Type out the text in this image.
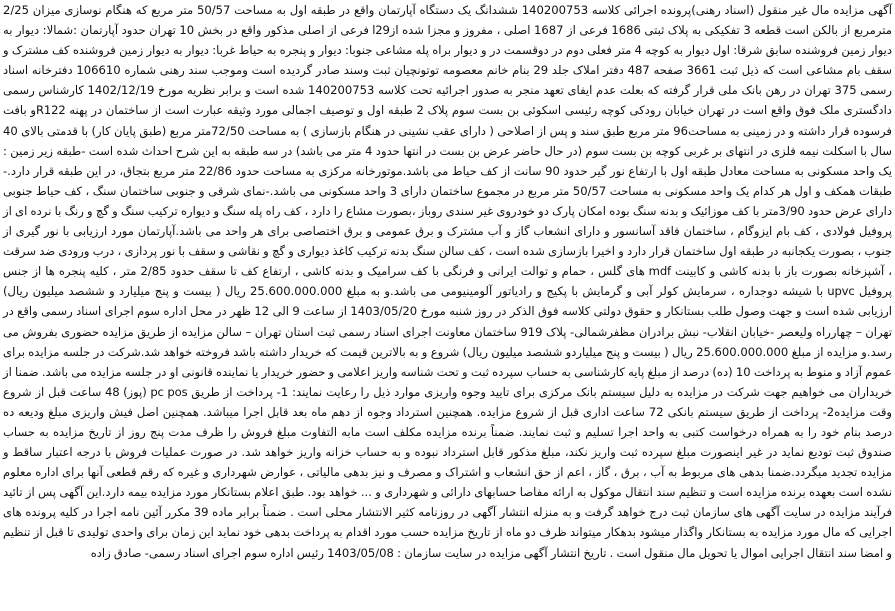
آگهی مزایده مال غیر منقول (اسناد رهنی)پرونده اجرائی کلاسه 140200753 ششدانگ یک دستگاه آپارتمان واقع در طبقه اول به مساحت 50/57 متر مربع که هنگام نوسازی میزان 2/25 مترمربع از بالکن است قطعه 3 تفکیکی به پلاک ثبتی 1686 فرعی از 1687 اصلی ، مفروز و مجزا شده ازl29 فرعی از اصلی مذکور واقع در بخش 10 تهران حدود آپارتمان :شمالا: دیوار به دیوار زمین فروشنده سابق شرقا: اول دیوار به کوچه 4 متر فعلی دوم در دوقسمت در و دیوار براه پله مشاعی جنوبا: دیوار و پنجره به حیاط غربا: دیوار به دیوار زمین فروشنده کف مشترک و سقف بام مشاعی است که ذیل ثبت 3661 صفحه 487 دفتر املاک جلد 29 بنام خانم معصومه توتونچیان ثبت وسند صادر گردیده است وموجب سند رهنی شماره 106610 دفترخانه اسناد رسمی 375 تهران در رهن بانک ملی قرار گرفته که بعلت عدم ایفای تعهد منجر به صدور اجرائیه تحت کلاسه 140200753 شده است و برابر نظریه مورخ 1402/12/19 کارشناس رسمی دادگستری ملک فوق واقع است در تهران خیابان رودکی کوچه رئیسی اسکوئی بن بست سوم پلاک 2 طبقه اول و توصیف اجمالی مورد وثیقه عبارت است از ساختمان در پهنه R122و بافت فرسوده قرار داشته و در زمینی به مساحت96 متر مربع طبق سند و پس از اصلاحی ( دارای عقب نشینی در هنگام بازسازی ) به مساحت 72/50متر مربع (طبق پایان کار) با قدمتی بالای 40 سال با اسکلت نیمه فلزی در انتهای بر غربی کوچه بن بست سوم (در حال حاضر عرض بن بست در انتها حدود 4 متر می باشد) در سه طبقه به این شرح احداث شده است -طبقه زیر زمین : یک واحد مسکونی به مساحت معادل طبقه اول با ارتفاع نور گیر حدود 90 سانت از کف حیاط می باشد.موتورخانه مرکزی به مساحت حدود 22/86 متر مربع بتجاق، در این طبقه قرار دارد.-طبقات همکف و اول هر کدام یک واحد مسکونی به مساحت 50/57 متر مربع در مجموع ساختمان دارای 3 واحد مسکونی می باشد.-نمای شرقی و جنوبی ساختمان سنگ ، کف حیاط جنوبی دارای عرض حدود 3/90متر با کف موزائیک و بدنه سنگ بوده امکان پارک دو خودروی غیر سندی روباز ،بصورت مشاع را دارد ، کف راه پله سنگ و دیواره ترکیب سنگ و گچ و رنگ با نرده ای از پروفیل فولادی ، کف بام ایزوگام ، ساختمان فاقد آسانسور و دارای انشعاب گاز و آب مشترک و برق عمومی و برق اختصاصی برای هر واحد می باشد.آپارتمان مورد ارزیابی با نور گیری از جنوب ، بصورت یکجانبه در طبقه اول ساختمان قرار دارد و اخیرا بازسازی شده است ، کف سالن سنگ بدنه ترکیب کاغذ دیواری و گچ و نقاشی و سقف با نور پردازی ، درب ورودی ضد سرقت ، آشپزخانه بصورت باز با بدنه کاشی و کابینت mdf های گلس ، حمام و توالت ایرانی و فرنگی با کف سرامیک و بدنه کاشی ، ارتفاع کف تا سقف حدود 2/85 متر ، کلیه پنجره ها از جنس پروفیل upvc با شیشه دوجداره ، سرمایش کولر آبی و گرمایش با پکیج و رادیاتور آلومینیومی می باشد.و به مبلغ 25.600.000.000 ریال ( بیست و پنج میلیارد و ششصد میلیون ریال) ارزیابی شده است و جهت وصول طلب بستانکار و حقوق دولتی کلاسه فوق الذکر در روز شنبه مورخ 1403/05/20 از ساعت 9 الی 12 ظهر در محل اداره سوم اجرای اسناد رسمی واقع در تهران – چهارراه ولیعصر -خیابان انقلاب- نبش برادران مظفرشمالی- پلاک 919 ساختمان معاونت اجرای اسناد رسمی ثبت استان تهران – سالن مزایده از طریق مزایده حضوری بفروش می رسد.و مزایده از مبلغ 25.600.000.000 ریال ( بیست و پنج میلیاردو ششصد میلیون ریال) شروع و به بالاترین قیمت که خریدار داشته باشد فروخته خواهد شد.شرکت در جلسه مزایده برای عموم آزاد و منوط به پرداخت 10 (ده) درصد از مبلغ پایه کارشناسی به حساب سپرده ثبت و تحت شناسه واریز اعلامی و حضور خریدار یا نماینده قانونی او در جلسه مزایده می باشد. ضمنا از خریداران می خواهیم جهت شرکت در مزایده به دلیل سیستم بانک مرکزی برای تایید وجوه واریزی موارد ذیل را رعایت نمایند: 1- پرداخت از طریق pc pos (پوز) 48 ساعت قبل از شروع وقت مزایده2- پرداخت از طریق سیستم بانکی 72 ساعت اداری قبل از شروع مزایده. همچنین استرداد وجوه از دهم ماه بعد قابل اجرا میباشد. همچنین اصل فیش واریزی مبلغ ودیعه ده درصد بنام خود را به همراه درخواست کتبی به واحد اجرا تسلیم و ثبت نمایند. ضمناً برنده مزایده مکلف است مابه التفاوت مبلغ فروش را ظرف مدت پنج روز از تاریخ مزایده به حساب صندوق ثبت تودیع نماید در غیر اینصورت مبلغ سپرده ثبت واریز نکند، مبلغ مذکور قابل استرداد نبوده و به حساب خزانه واریز خواهد شد. در صورت عملیات فروش با درجه اعتبار ساقط و مزایده تجدید میگردد.ضمنا بدهی های مربوط به آب ، برق ، گاز ، اعم از حق انشعاب و اشتراک و مصرف و نیز بدهی مالیاتی ، عوارض شهرداری و غیره که رقم قطعی آنها برای اداره معلوم نشده است بعهده برنده مزایده است و تنظیم سند انتقال موکول به ارائه مفاصا حسابهای دارائی و شهرداری و ... خواهد بود. طبق اعلام بستانکار مورد مزایده بیمه دارد.این آگهی پس از تائید فرآیند مزایده در سایت آگهی های سازمان ثبت درج خواهد گرفت و به منزله انتشار آگهی در روزنامه کثیر الانتشار محلی است . ضمناً برابر ماده 39 مکرر آئین نامه اجرا در کلیه پرونده های اجرایی که مال مورد مزایده به بستانکار واگذار میشود بدهکار میتواند ظرف دو ماه از تاریخ مزایده حسب مورد اقدام به پرداخت بدهی خود نماید این زمان برای واحدی تولیدی تا قبل از تنظیم و امضا سند انتقال اجرایی اموال یا تحویل مال منقول است . تاریخ انتشار آگهی مزایده در سایت سازمان : 1403/05/08 رئیس اداره سوم اجرای اسناد رسمی- صادق زاده
